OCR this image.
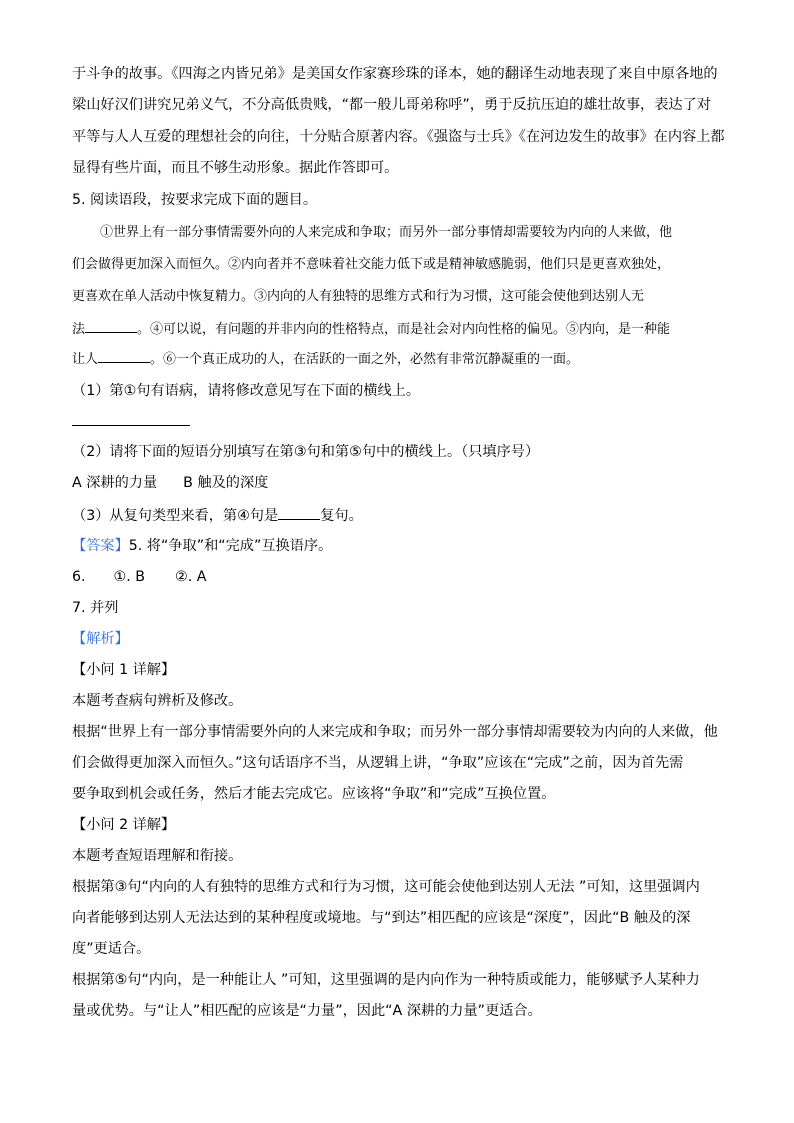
于斗争的故事。《四海之内皆兄弟》是美国女作家赛珍珠的译本，她的翻译生动地表现了来自中原各地的
梁山好汉们讲究兄弟义气，不分高低贵贱，“都一般儿哥弟称呼”，勇于反抗压迫的雄壮故事，表达了对
平等与人人互爱的理想社会的向往，十分贴合原著内容。《强盗与士兵》《在河边发生的故事》在内容上都
显得有些片面，而且不够生动形象。据此作答即可。
5. 阅读语段，按要求完成下面的题目。
①世界上有一部分事情需要外向的人来完成和争取；而另外一部分事情却需要较为内向的人来做，他
们会做得更加深入而恒久。②内向者并不意味着社交能力低下或是精神敏感脆弱，他们只是更喜欢独处，
更喜欢在单人活动中恢复精力。③内向的人有独特的思维方式和行为习惯，这可能会使他到达别人无
法	。④可以说，有问题的并非内向的性格特点，而是社会对内向性格的偏见。⑤内向，是一种能
让人	。⑥一个真正成功的人，在活跃的一面之外，必然有非常沉静凝重的一面。
（1）第①句有语病，请将修改意见写在下面的横线上。
（2）请将下面的短语分别填写在第③句和第⑤句中的横线上。（只填序号）
A 深耕的力量 B 触及的深度
（3）从复句类型来看，第④句是	复句。
【答案】5. 将“争取”和“完成”互换语序。
6. ①. B ②. A
7. 并列
【解析】
【小问 1 详解】
本题考查病句辨析及修改。
根据“世界上有一部分事情需要外向的人来完成和争取；而另外一部分事情却需要较为内向的人来做，他
们会做得更加深入而恒久。”这句话语序不当，从逻辑上讲，“争取”应该在“完成”之前，因为首先需
要争取到机会或任务，然后才能去完成它。应该将“争取”和“完成”互换位置。
【小问 2 详解】
本题考查短语理解和衔接。
根据第③句“内向的人有独特的思维方式和行为习惯，这可能会使他到达别人无法 ”可知，这里强调内
向者能够到达别人无法达到的某种程度或境地。与“到达”相匹配的应该是“深度”，因此“B 触及的深
度”更适合。
根据第⑤句“内向，是一种能让人 ”可知，这里强调的是内向作为一种特质或能力，能够赋予人某种力
量或优势。与“让人”相匹配的应该是“力量”，因此“A 深耕的力量”更适合。
